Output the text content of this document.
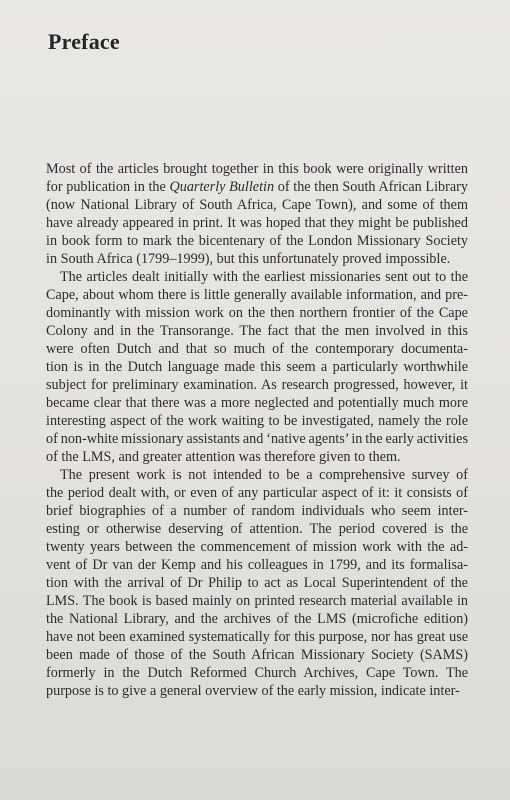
Preface
Most of the articles brought together in this book were originally written
for publication in the Quarterly Bulletin of the then South African Library
(now National Library of South Africa, Cape Town), and some of them
have already appeared in print. It was hoped that they might be published
in book form to mark the bicentenary of the London Missionary Society
in South Africa (1799–1999), but this unfortunately proved impossible.
The articles dealt initially with the earliest missionaries sent out to the
Cape, about whom there is little generally available information, and pre-
dominantly with mission work on the then northern frontier of the Cape
Colony and in the Transorange. The fact that the men involved in this
were often Dutch and that so much of the contemporary documenta-
tion is in the Dutch language made this seem a particularly worthwhile
subject for preliminary examination. As research progressed, however, it
became clear that there was a more neglected and potentially much more
interesting aspect of the work waiting to be investigated, namely the role
of non-white missionary assistants and ‘native agents’ in the early activities
of the LMS, and greater attention was therefore given to them.
The present work is not intended to be a comprehensive survey of
the period dealt with, or even of any particular aspect of it: it consists of
brief biographies of a number of random individuals who seem inter-
esting or otherwise deserving of attention. The period covered is the
twenty years between the commencement of mission work with the ad-
vent of Dr van der Kemp and his colleagues in 1799, and its formalisa-
tion with the arrival of Dr Philip to act as Local Superintendent of the
LMS. The book is based mainly on printed research material available in
the National Library, and the archives of the LMS (microfiche edition)
have not been examined systematically for this purpose, nor has great use
been made of those of the South African Missionary Society (SAMS)
formerly in the Dutch Reformed Church Archives, Cape Town. The
purpose is to give a general overview of the early mission, indicate inter-
